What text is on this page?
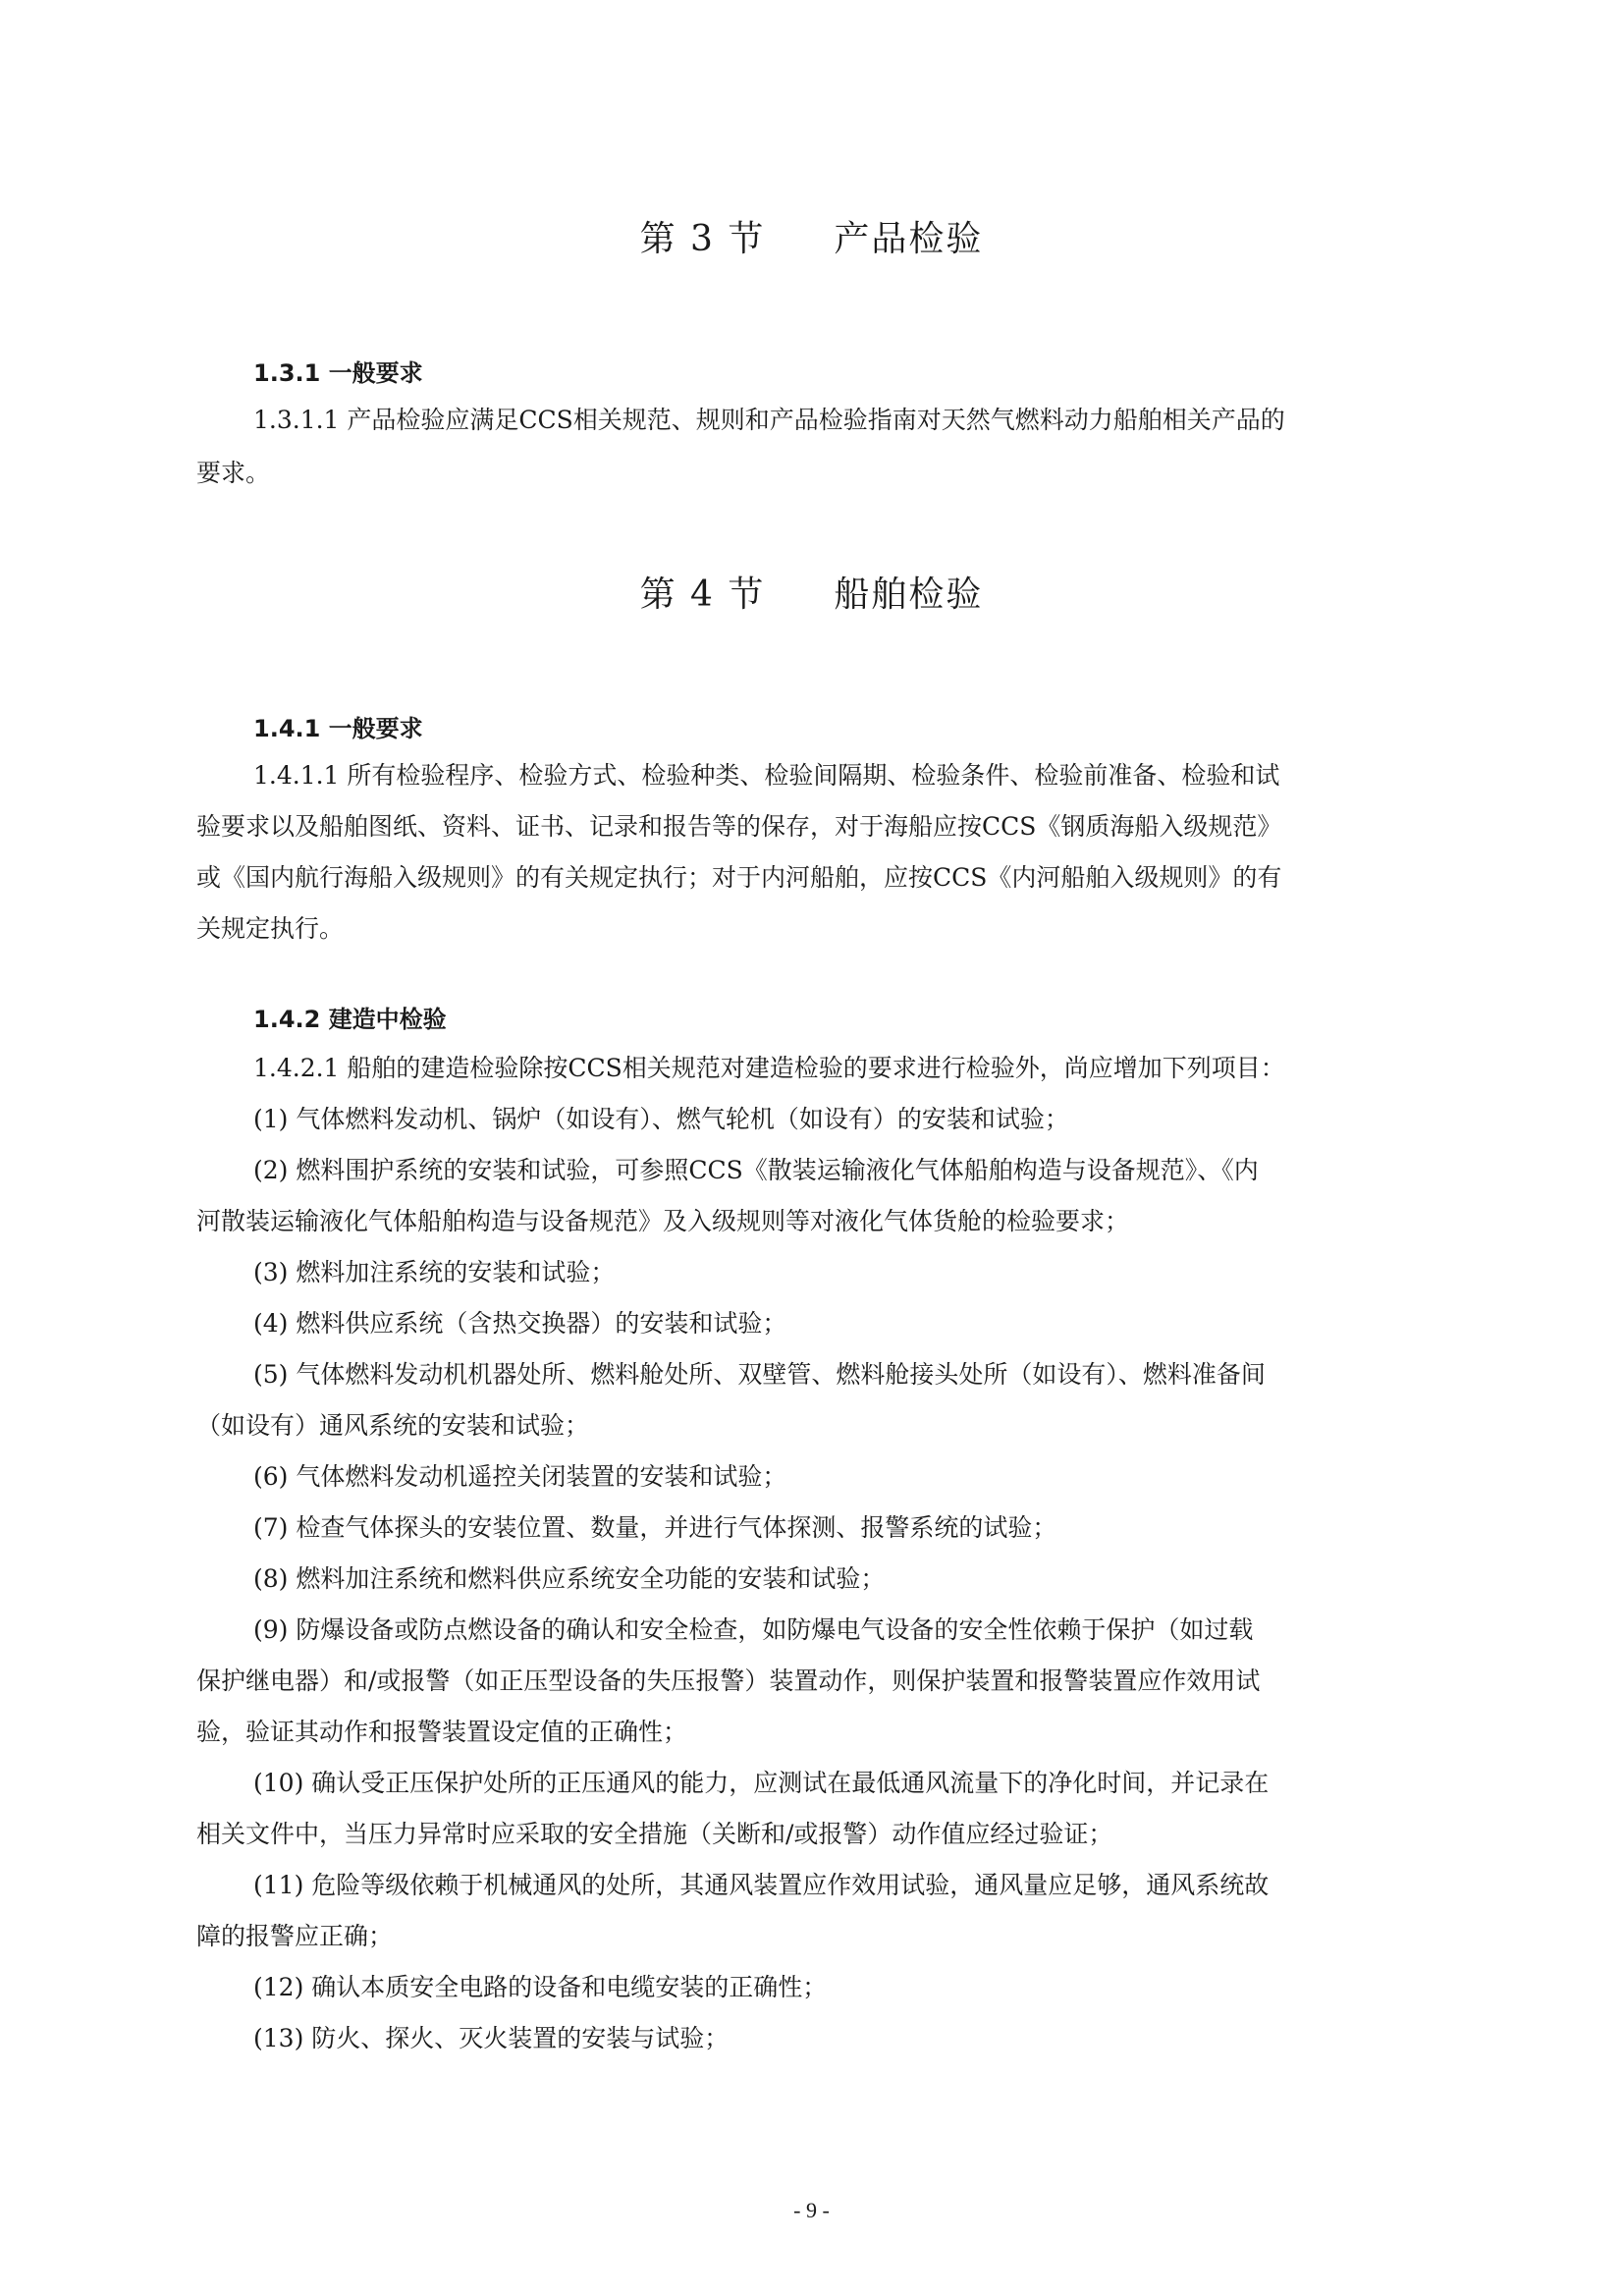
第 3 节 产品检验
1.3.1 一般要求
1.3.1.1 产品检验应满足CCS相关规范、规则和产品检验指南对天然气燃料动力船舶相关产品的
要求。
第 4 节 船舶检验
1.4.1 一般要求
1.4.1.1 所有检验程序、检验方式、检验种类、检验间隔期、检验条件、检验前准备、检验和试
验要求以及船舶图纸、资料、证书、记录和报告等的保存，对于海船应按CCS《钢质海船入级规范》
或《国内航行海船入级规则》的有关规定执行；对于内河船舶，应按CCS《内河船舶入级规则》的有
关规定执行。
1.4.2 建造中检验
1.4.2.1 船舶的建造检验除按CCS相关规范对建造检验的要求进行检验外，尚应增加下列项目：
(1) 气体燃料发动机、锅炉（如设有）、燃气轮机（如设有）的安装和试验；
(2) 燃料围护系统的安装和试验，可参照CCS《散装运输液化气体船舶构造与设备规范》、《内
河散装运输液化气体船舶构造与设备规范》及入级规则等对液化气体货舱的检验要求；
(3) 燃料加注系统的安装和试验；
(4) 燃料供应系统（含热交换器）的安装和试验；
(5) 气体燃料发动机机器处所、燃料舱处所、双壁管、燃料舱接头处所（如设有）、燃料准备间
（如设有）通风系统的安装和试验；
(6) 气体燃料发动机遥控关闭装置的安装和试验；
(7) 检查气体探头的安装位置、数量，并进行气体探测、报警系统的试验；
(8) 燃料加注系统和燃料供应系统安全功能的安装和试验；
(9) 防爆设备或防点燃设备的确认和安全检查，如防爆电气设备的安全性依赖于保护（如过载
保护继电器）和/或报警（如正压型设备的失压报警）装置动作，则保护装置和报警装置应作效用试
验，验证其动作和报警装置设定值的正确性；
(10) 确认受正压保护处所的正压通风的能力，应测试在最低通风流量下的净化时间，并记录在
相关文件中，当压力异常时应采取的安全措施（关断和/或报警）动作值应经过验证；
(11) 危险等级依赖于机械通风的处所，其通风装置应作效用试验，通风量应足够，通风系统故
障的报警应正确；
(12) 确认本质安全电路的设备和电缆安装的正确性；
(13) 防火、探火、灭火装置的安装与试验；
- 9 -
